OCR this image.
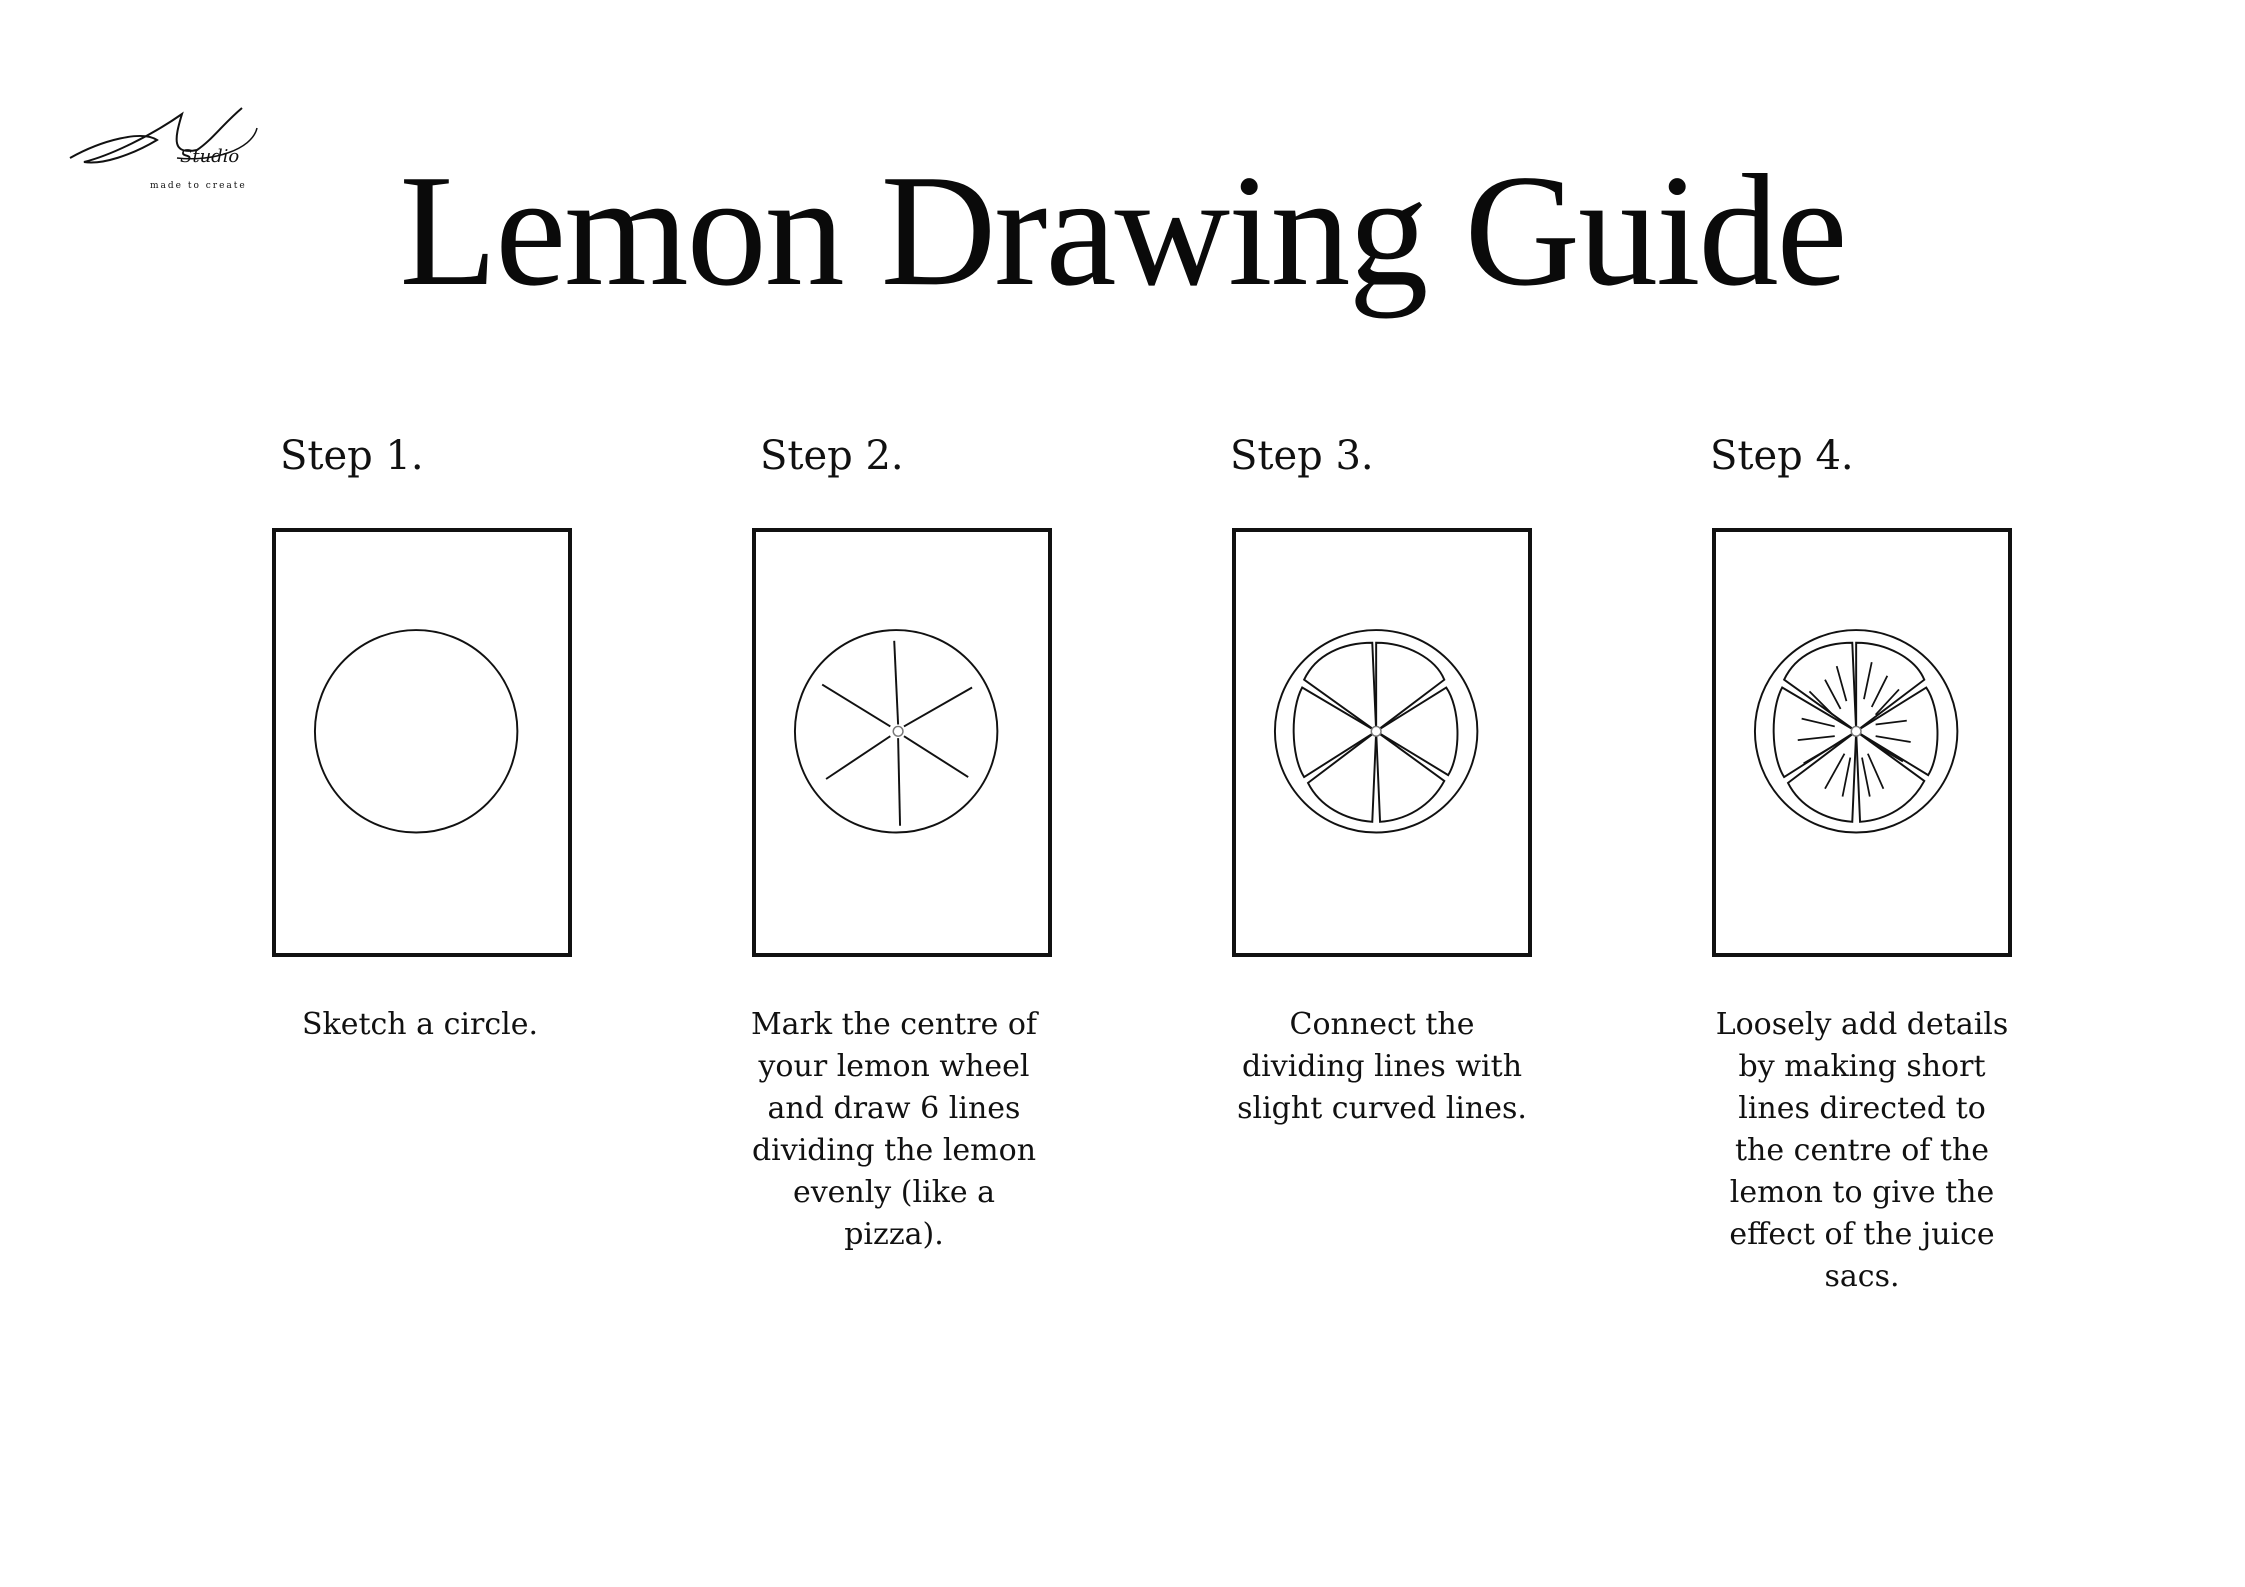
Studio
made to create Lemon Drawing Guide
Step 1.
Sketch a circle.
Step 2.
Mark the centre of your lemon wheel and draw 6 lines dividing the lemon evenly (like a pizza).
Step 3.
Connect the dividing lines with slight curved lines.
Step 4.
Loosely add details by making short lines directed to the centre of the lemon to give the effect of the juice sacs.
